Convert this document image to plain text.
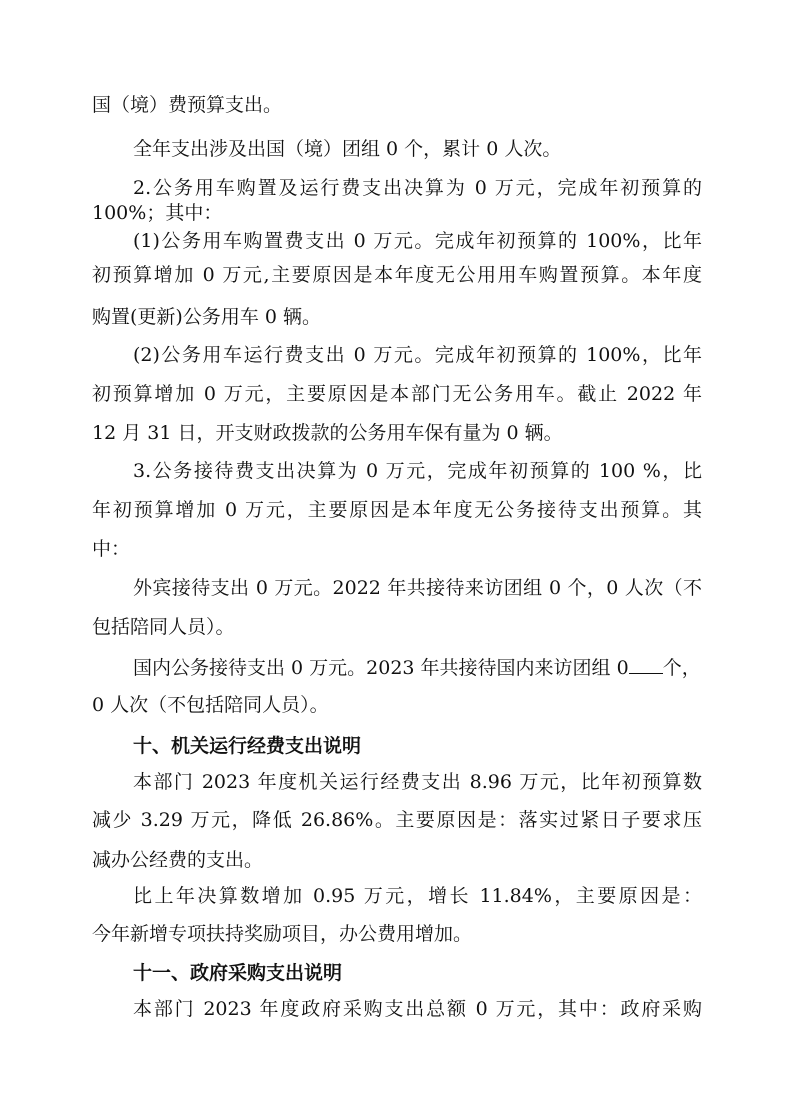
国（境）费预算支出。
全年支出涉及出国（境）团组 0 个，累计 0 人次。
2.公务用车购置及运行费支出决算为 0 万元，完成年初预算的
100%；其中：
(1)公务用车购置费支出 0 万元。完成年初预算的 100%，比年
初预算增加 0 万元,主要原因是本年度无公用用车购置预算。本年度
购置(更新)公务用车 0 辆。
(2)公务用车运行费支出 0 万元。完成年初预算的 100%，比年
初预算增加 0 万元，主要原因是本部门无公务用车。截止 2022 年
12 月 31 日，开支财政拨款的公务用车保有量为 0 辆。
3.公务接待费支出决算为 0 万元，完成年初预算的 100 %，比
年初预算增加 0 万元，主要原因是本年度无公务接待支出预算。其
中：
外宾接待支出 0 万元。2022 年共接待来访团组 0 个，0 人次（不
包括陪同人员）。
国内公务接待支出 0 万元。2023 年共接待国内来访团组 0 个，
0 人次（不包括陪同人员）。
十、机关运行经费支出说明
本部门 2023 年度机关运行经费支出 8.96 万元，比年初预算数
减少 3.29 万元，降低 26.86%。主要原因是：落实过紧日子要求压
减办公经费的支出。
比上年决算数增加 0.95 万元，增长 11.84%，主要原因是：
今年新增专项扶持奖励项目，办公费用增加。
十一、政府采购支出说明
本部门 2023 年度政府采购支出总额 0 万元，其中：政府采购
